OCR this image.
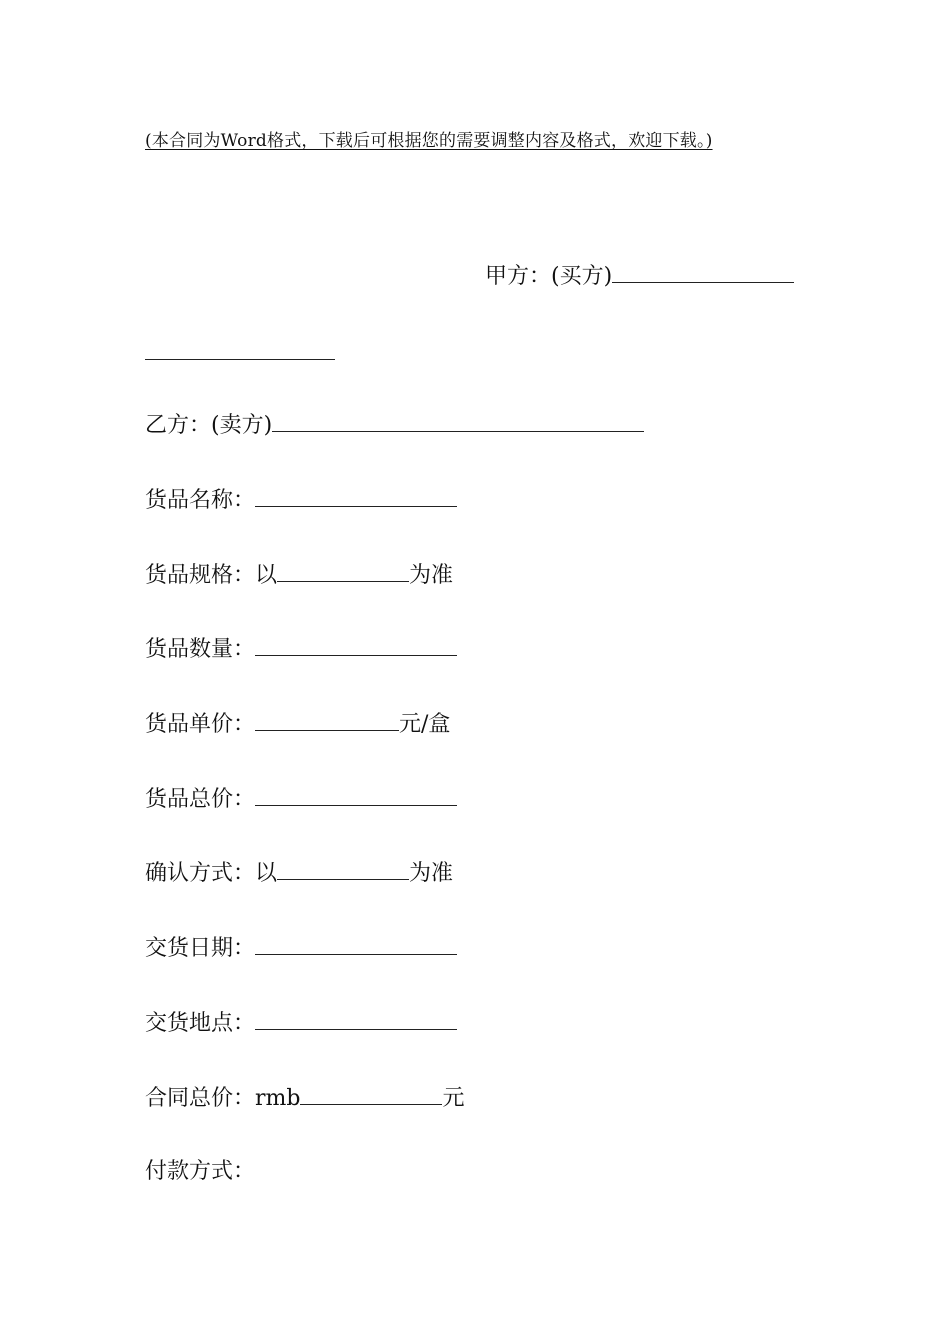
(本合同为Word格式，下载后可根据您的需要调整内容及格式，欢迎下载。)
甲方：(买方)
乙方：(卖方)
货品名称：
货品规格：以	为准
货品数量：
货品单价：	元/盒
货品总价：
确认方式：以	为准
交货日期：
交货地点：
合同总价：rmb	元
付款方式：
